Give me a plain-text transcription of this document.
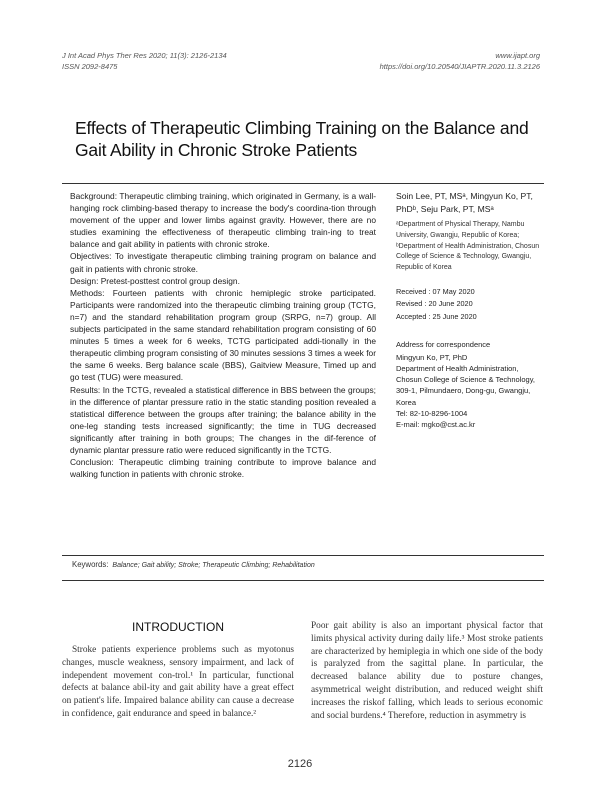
J Int Acad Phys Ther Res 2020; 11(3): 2126-2134
ISSN 2092-8475
www.ijapt.org
https://doi.org/10.20540/JIAPTR.2020.11.3.2126
Effects of Therapeutic Climbing Training on the Balance and Gait Ability in Chronic Stroke Patients

Background: Therapeutic climbing training, which originated in Germany, is a wall-hanging rock climbing-based therapy to increase the body's coordina-tion through movement of the upper and lower limbs against gravity. However, there are no studies examining the effectiveness of therapeutic climbing train-ing to treat balance and gait ability in patients with chronic stroke.

Objectives: To investigate therapeutic climbing training program on balance and gait in patients with chronic stroke.

Design: Pretest-posttest control group design.

Methods: Fourteen patients with chronic hemiplegic stroke participated. Participants were randomized into the therapeutic climbing training group (TCTG, n=7) and the standard rehabilitation program group (SRPG, n=7) group. All subjects participated in the same standard rehabilitation program consisting of 60 minutes 5 times a week for 6 weeks, TCTG participated addi-tionally in the therapeutic climbing program consisting of 30 minutes sessions 3 times a week for the same 6 weeks. Berg balance scale (BBS), Gaitview Measure, Timed up and go test (TUG) were measured.

Results: In the TCTG, revealed a statistical difference in BBS between the groups; in the difference of plantar pressure ratio in the static standing position revealed a statistical difference between the groups after training; the balance ability in the one-leg standing tests increased significantly; the time in TUG decreased significantly after training in both groups; The changes in the dif-ference of dynamic plantar pressure ratio were reduced significantly in the TCTG.

Conclusion: Therapeutic climbing training contribute to improve balance and walking function in patients with chronic stroke.

Soin Lee, PT, MSᵃ, Mingyun Ko, PT, PhDᵇ, Seju Park, PT, MSᵃ
ᵃDepartment of Physical Therapy, Nambu University, Gwangju, Republic of Korea;
ᵇDepartment of Health Administration, Chosun College of Science & Technology, Gwangju, Republic of Korea
Received : 07 May 2020
Revised : 20 June 2020
Accepted : 25 June 2020
Address for correspondence
Mingyun Ko, PT, PhD
Department of Health Administration, Chosun College of Science & Technology, 309-1, Pilmundaero, Dong-gu, Gwangju, Korea
Tel: 82-10-8296-1004
E-mail: mgko@cst.ac.kr
Keywords: Balance; Gait ability; Stroke; Therapeutic Climbing; Rehabilitation
INTRODUCTION

Stroke patients experience problems such as myotonus changes, muscle weakness, sensory impairment, and lack of independent movement con-trol.¹ In particular, functional defects at balance abil-ity and gait ability have a great effect on patient's life. Impaired balance ability can cause a decrease in confidence, gait endurance and speed in balance.²

Poor gait ability is also an important physical factor that limits physical activity during daily life.³ Most stroke patients are characterized by hemiplegia in which one side of the body is paralyzed from the sagittal plane. In particular, the decreased balance ability due to posture changes, asymmetrical weight distribution, and reduced weight shift increases the riskof falling, which leads to serious economic and social burdens.⁴ Therefore, reduction in asymmetry is

2126
